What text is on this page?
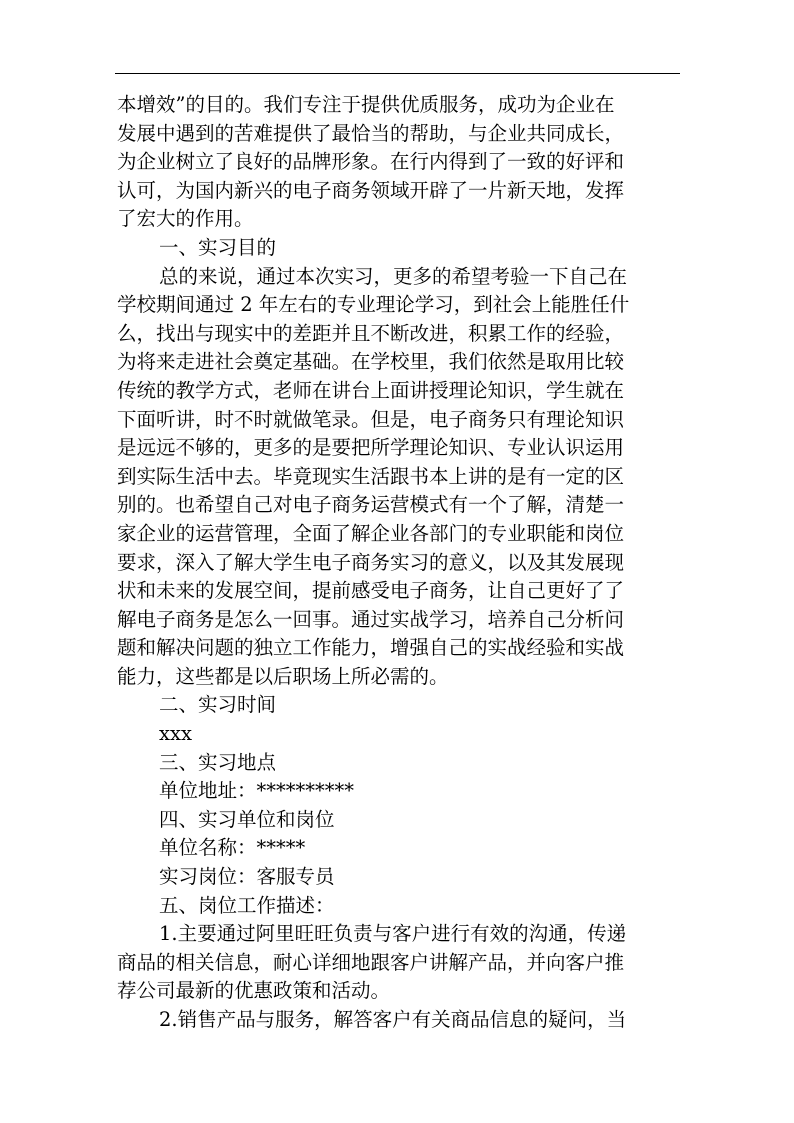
本增效”的目的。我们专注于提供优质服务，成功为企业在
发展中遇到的苦难提供了最恰当的帮助，与企业共同成长，
为企业树立了良好的品牌形象。在行内得到了一致的好评和
认可，为国内新兴的电子商务领域开辟了一片新天地，发挥
了宏大的作用。
一、实习目的
总的来说，通过本次实习，更多的希望考验一下自己在
学校期间通过 2 年左右的专业理论学习，到社会上能胜任什
么，找出与现实中的差距并且不断改进，积累工作的经验，
为将来走进社会奠定基础。在学校里，我们依然是取用比较
传统的教学方式，老师在讲台上面讲授理论知识，学生就在
下面听讲，时不时就做笔录。但是，电子商务只有理论知识
是远远不够的，更多的是要把所学理论知识、专业认识运用
到实际生活中去。毕竟现实生活跟书本上讲的是有一定的区
别的。也希望自己对电子商务运营模式有一个了解，清楚一
家企业的运营管理，全面了解企业各部门的专业职能和岗位
要求，深入了解大学生电子商务实习的意义，以及其发展现
状和未来的发展空间，提前感受电子商务，让自己更好了了
解电子商务是怎么一回事。通过实战学习，培养自己分析问
题和解决问题的独立工作能力，增强自己的实战经验和实战
能力，这些都是以后职场上所必需的。
二、实习时间
xxx
三、实习地点
单位地址：**********
四、实习单位和岗位
单位名称：*****
实习岗位：客服专员
五、岗位工作描述：
1.主要通过阿里旺旺负责与客户进行有效的沟通，传递
商品的相关信息，耐心详细地跟客户讲解产品，并向客户推
荐公司最新的优惠政策和活动。
2.销售产品与服务，解答客户有关商品信息的疑问，当
